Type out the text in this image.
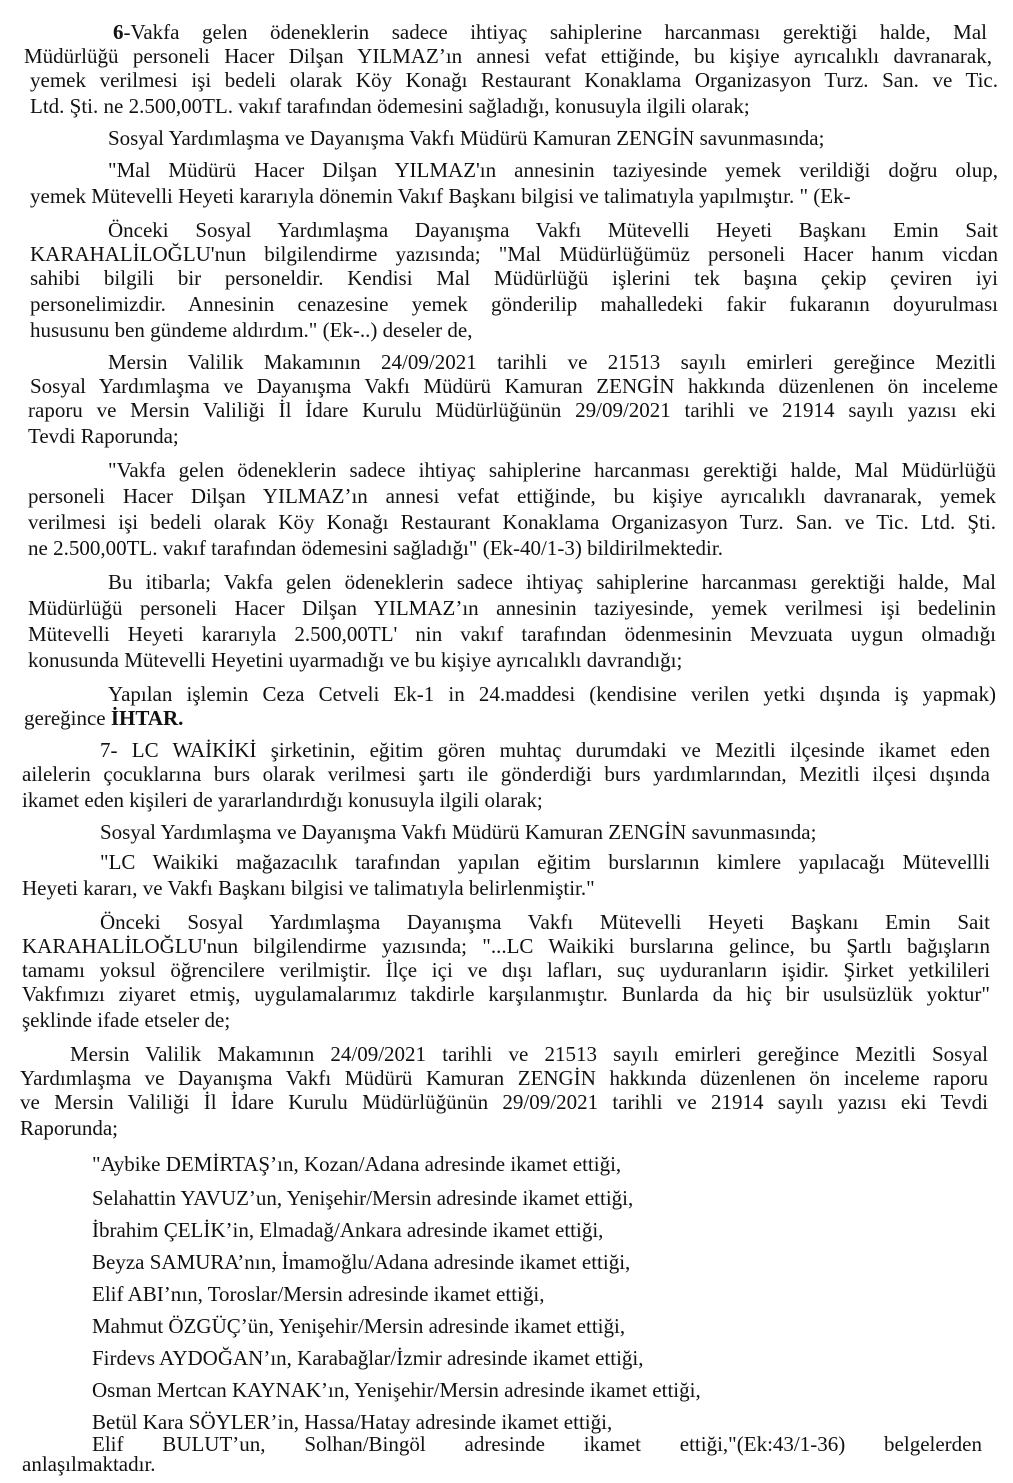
6-Vakfa gelen ödeneklerin sadece ihtiyaç sahiplerine harcanması gerektiği halde, Mal
Müdürlüğü personeli Hacer Dilşan YILMAZ’ın annesi vefat ettiğinde, bu kişiye ayrıcalıklı davranarak,
yemek verilmesi işi bedeli olarak Köy Konağı Restaurant Konaklama Organizasyon Turz. San. ve Tic.
Ltd. Şti. ne 2.500,00TL. vakıf tarafından ödemesini sağladığı, konusuyla ilgili olarak;
Sosyal Yardımlaşma ve Dayanışma Vakfı Müdürü Kamuran ZENGİN savunmasında;
"Mal Müdürü Hacer Dilşan YILMAZ'ın annesinin taziyesinde yemek verildiği doğru olup,
yemek Mütevelli Heyeti kararıyla dönemin Vakıf Başkanı bilgisi ve talimatıyla yapılmıştır. " (Ek-
Önceki Sosyal Yardımlaşma Dayanışma Vakfı Mütevelli Heyeti Başkanı Emin Sait
KARAHALİLOĞLU'nun bilgilendirme yazısında; "Mal Müdürlüğümüz personeli Hacer hanım vicdan
sahibi bilgili bir personeldir. Kendisi Mal Müdürlüğü işlerini tek başına çekip çeviren iyi
personelimizdir. Annesinin cenazesine yemek gönderilip mahalledeki fakir fukaranın doyurulması
hususunu ben gündeme aldırdım." (Ek-..) deseler de,
Mersin Valilik Makamının 24/09/2021 tarihli ve 21513 sayılı emirleri gereğince Mezitli
Sosyal Yardımlaşma ve Dayanışma Vakfı Müdürü Kamuran ZENGİN hakkında düzenlenen ön inceleme
raporu ve Mersin Valiliği İl İdare Kurulu Müdürlüğünün 29/09/2021 tarihli ve 21914 sayılı yazısı eki
Tevdi Raporunda;
"Vakfa gelen ödeneklerin sadece ihtiyaç sahiplerine harcanması gerektiği halde, Mal Müdürlüğü
personeli Hacer Dilşan YILMAZ’ın annesi vefat ettiğinde, bu kişiye ayrıcalıklı davranarak, yemek
verilmesi işi bedeli olarak Köy Konağı Restaurant Konaklama Organizasyon Turz. San. ve Tic. Ltd. Şti.
ne 2.500,00TL. vakıf tarafından ödemesini sağladığı" (Ek-40/1-3) bildirilmektedir.
Bu itibarla; Vakfa gelen ödeneklerin sadece ihtiyaç sahiplerine harcanması gerektiği halde, Mal
Müdürlüğü personeli Hacer Dilşan YILMAZ’ın annesinin taziyesinde, yemek verilmesi işi bedelinin
Mütevelli Heyeti kararıyla 2.500,00TL' nin vakıf tarafından ödenmesinin Mevzuata uygun olmadığı
konusunda Mütevelli Heyetini uyarmadığı ve bu kişiye ayrıcalıklı davrandığı;
Yapılan işlemin Ceza Cetveli Ek-1 in 24.maddesi (kendisine verilen yetki dışında iş yapmak)
gereğince İHTAR.
7- LC WAİKİKİ şirketinin, eğitim gören muhtaç durumdaki ve Mezitli ilçesinde ikamet eden
ailelerin çocuklarına burs olarak verilmesi şartı ile gönderdiği burs yardımlarından, Mezitli ilçesi dışında
ikamet eden kişileri de yararlandırdığı konusuyla ilgili olarak;
Sosyal Yardımlaşma ve Dayanışma Vakfı Müdürü Kamuran ZENGİN savunmasında;
"LC Waikiki mağazacılık tarafından yapılan eğitim burslarının kimlere yapılacağı Mütevellli
Heyeti kararı, ve Vakfı Başkanı bilgisi ve talimatıyla belirlenmiştir."
Önceki Sosyal Yardımlaşma Dayanışma Vakfı Mütevelli Heyeti Başkanı Emin Sait
KARAHALİLOĞLU'nun bilgilendirme yazısında; "...LC Waikiki burslarına gelince, bu Şartlı bağışların
tamamı yoksul öğrencilere verilmiştir. İlçe içi ve dışı lafları, suç uyduranların işidir. Şirket yetkilileri
Vakfımızı ziyaret etmiş, uygulamalarımız takdirle karşılanmıştır. Bunlarda da hiç bir usulsüzlük yoktur"
şeklinde ifade etseler de;
Mersin Valilik Makamının 24/09/2021 tarihli ve 21513 sayılı emirleri gereğince Mezitli Sosyal
Yardımlaşma ve Dayanışma Vakfı Müdürü Kamuran ZENGİN hakkında düzenlenen ön inceleme raporu
ve Mersin Valiliği İl İdare Kurulu Müdürlüğünün 29/09/2021 tarihli ve 21914 sayılı yazısı eki Tevdi
Raporunda;
"Aybike DEMİRTAŞ’ın, Kozan/Adana adresinde ikamet ettiği,
Selahattin YAVUZ’un, Yenişehir/Mersin adresinde ikamet ettiği,
İbrahim ÇELİK’in, Elmadağ/Ankara adresinde ikamet ettiği,
Beyza SAMURA’nın, İmamoğlu/Adana adresinde ikamet ettiği,
Elif ABI’nın, Toroslar/Mersin adresinde ikamet ettiği,
Mahmut ÖZGÜÇ’ün, Yenişehir/Mersin adresinde ikamet ettiği,
Firdevs AYDOĞAN’ın, Karabağlar/İzmir adresinde ikamet ettiği,
Osman Mertcan KAYNAK’ın, Yenişehir/Mersin adresinde ikamet ettiği,
Betül Kara SÖYLER’in, Hassa/Hatay adresinde ikamet ettiği,
Elif BULUT’un, Solhan/Bingöl adresinde ikamet ettiği,"(Ek:43/1-36) belgelerden
anlaşılmaktadır.
